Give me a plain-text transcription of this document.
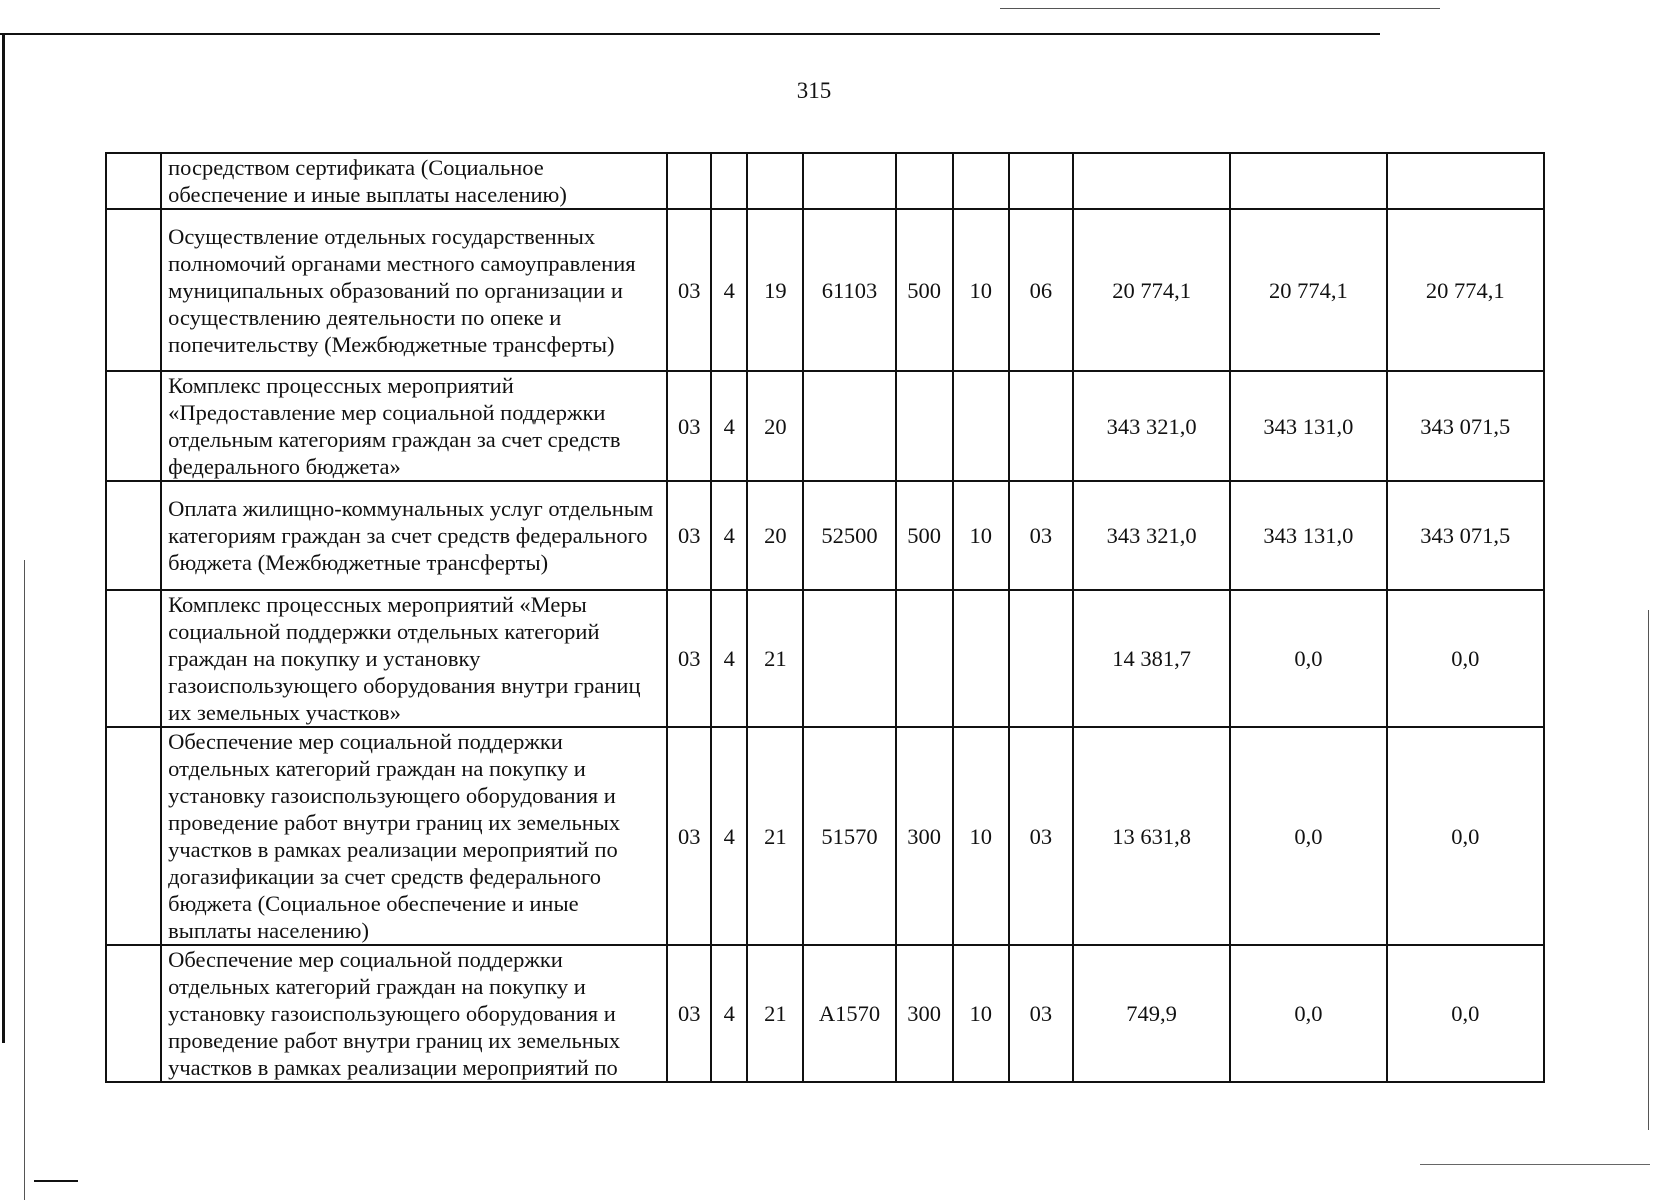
315
	посредством сертификата (Социальное обеспечение и иные выплаты населению)										
	Осуществление отдельных государственных полномочий органами местного самоуправления муниципальных образований по организации и осуществлению деятельности по опеке и попечительству (Межбюджетные трансферты)	03	4	19	61103	500	10	06	20 774,1	20 774,1	20 774,1
	Комплекс процессных мероприятий «Предоставление мер социальной поддержки отдельным категориям граждан за счет средств федерального бюджета»	03	4	20					343 321,0	343 131,0	343 071,5
	Оплата жилищно-коммунальных услуг отдельным категориям граждан за счет средств федерального бюджета (Межбюджетные трансферты)	03	4	20	52500	500	10	03	343 321,0	343 131,0	343 071,5
	Комплекс процессных мероприятий «Меры социальной поддержки отдельных категорий граждан на покупку и установку газоиспользующего оборудования внутри границ их земельных участков»	03	4	21					14 381,7	0,0	0,0
	Обеспечение мер социальной поддержки отдельных категорий граждан на покупку и установку газоиспользующего оборудования и проведение работ внутри границ их земельных участков в рамках реализации мероприятий по догазификации за счет средств федерального бюджета (Социальное обеспечение и иные выплаты населению)	03	4	21	51570	300	10	03	13 631,8	0,0	0,0
	Обеспечение мер социальной поддержки отдельных категорий граждан на покупку и установку газоиспользующего оборудования и проведение работ внутри границ их земельных участков в рамках реализации мероприятий по	03	4	21	А1570	300	10	03	749,9	0,0	0,0
